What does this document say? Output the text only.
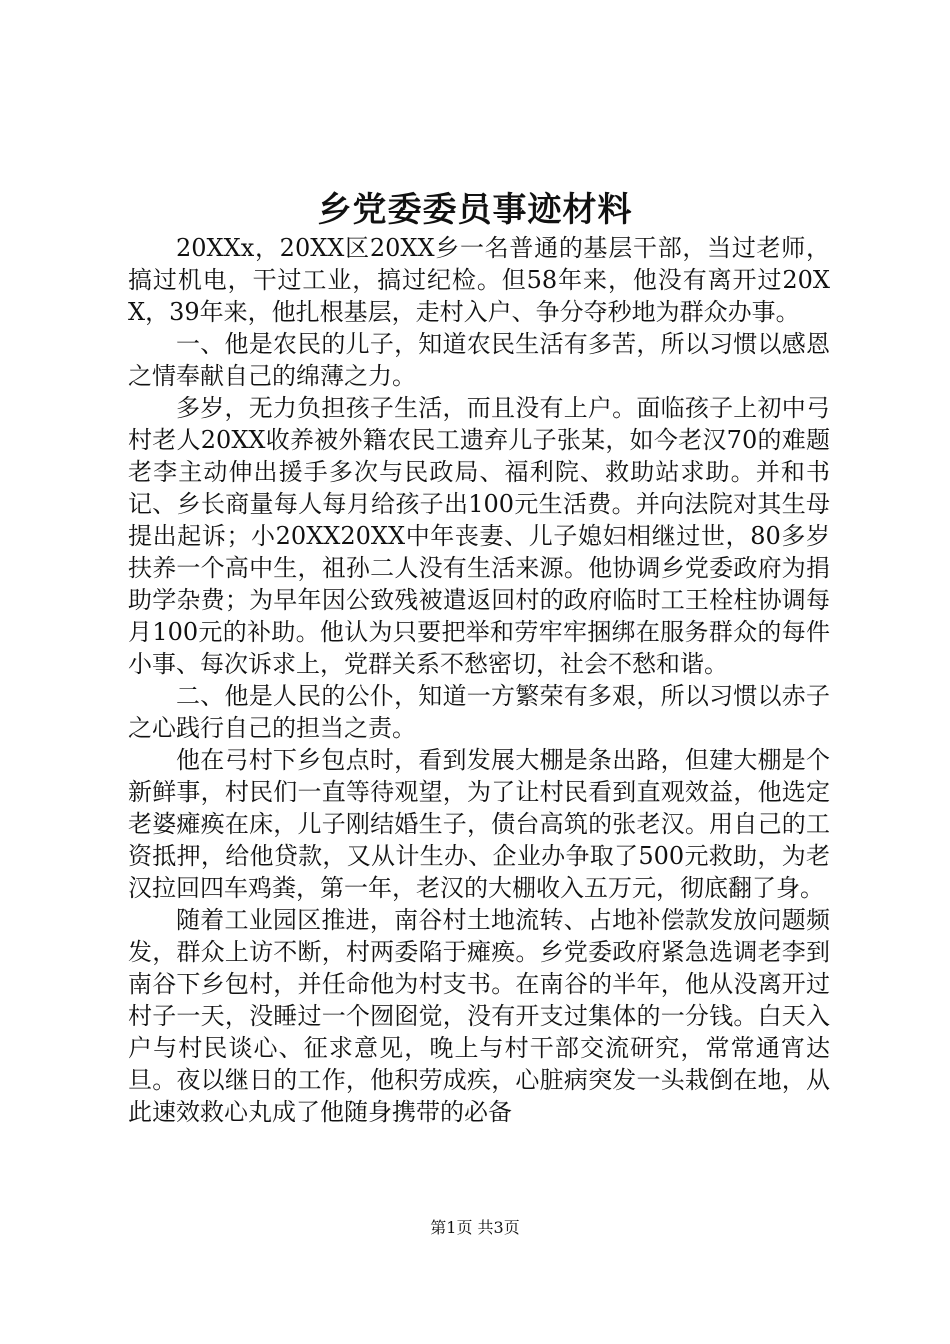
乡党委委员事迹材料

20XXx，20XX区20XX乡一名普通的基层干部，当过老师，搞过机电，干过工业，搞过纪检。但58年来，他没有离开过20XX，39年来，他扎根基层，走村入户、争分夺秒地为群众办事。

一、他是农民的儿子，知道农民生活有多苦，所以习惯以感恩之情奉献自己的绵薄之力。

多岁，无力负担孩子生活，而且没有上户。面临孩子上初中弓村老人20XX收养被外籍农民工遗弃儿子张某，如今老汉70的难题老李主动伸出援手多次与民政局、福利院、救助站求助。并和书记、乡长商量每人每月给孩子出100元生活费。并向法院对其生母提出起诉；小20XX20XX中年丧妻、儿子媳妇相继过世，80多岁扶养一个高中生，祖孙二人没有生活来源。他协调乡党委政府为捐助学杂费；为早年因公致残被遣返回村的政府临时工王栓柱协调每月100元的补助。他认为只要把举和劳牢牢捆绑在服务群众的每件小事、每次诉求上，党群关系不愁密切，社会不愁和谐。

二、他是人民的公仆，知道一方繁荣有多艰，所以习惯以赤子之心践行自己的担当之责。

他在弓村下乡包点时，看到发展大棚是条出路，但建大棚是个新鲜事，村民们一直等待观望，为了让村民看到直观效益，他选定老婆瘫痪在床，儿子刚结婚生子，债台高筑的张老汉。用自己的工资抵押，给他贷款，又从计生办、企业办争取了500元救助，为老汉拉回四车鸡粪，第一年，老汉的大棚收入五万元，彻底翻了身。

随着工业园区推进，南谷村土地流转、占地补偿款发放问题频发，群众上访不断，村两委陷于瘫痪。乡党委政府紧急选调老李到南谷下乡包村，并任命他为村支书。在南谷的半年，他从没离开过村子一天，没睡过一个囫囵觉，没有开支过集体的一分钱。白天入户与村民谈心、征求意见，晚上与村干部交流研究，常常通宵达旦。夜以继日的工作，他积劳成疾，心脏病突发一头栽倒在地，从此速效救心丸成了他随身携带的必备

第1页 共3页
